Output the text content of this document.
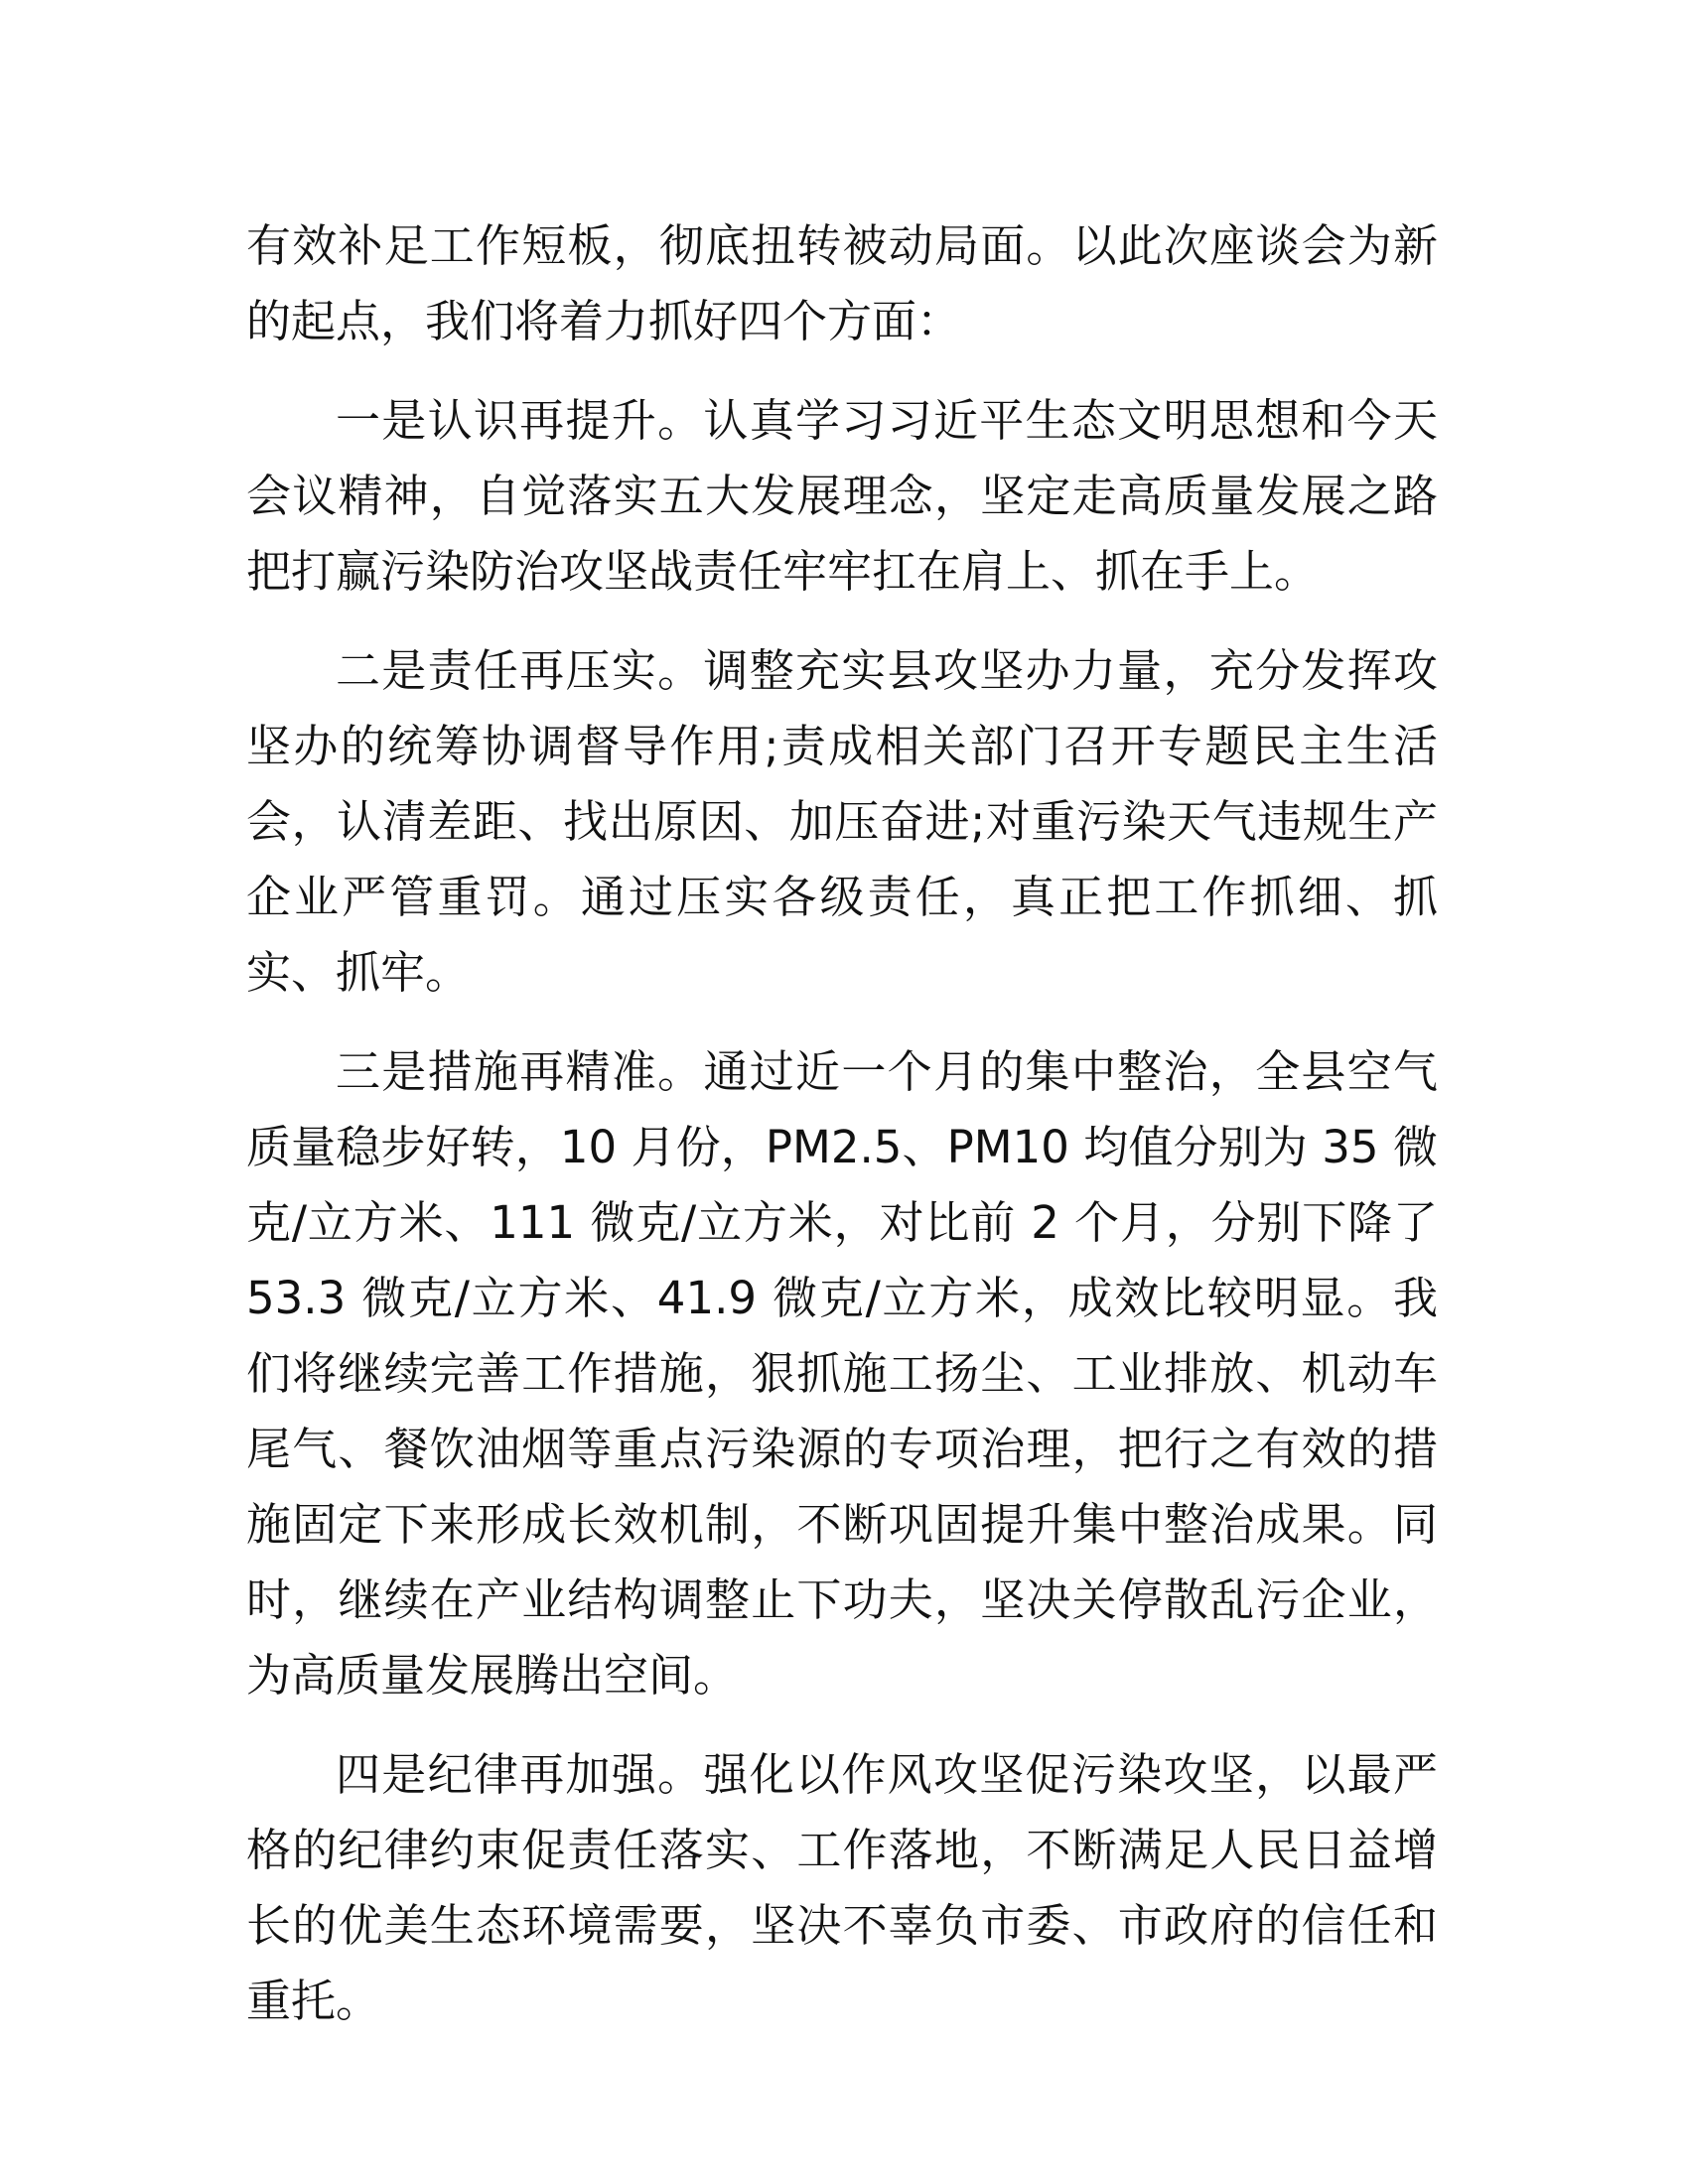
有效补足工作短板，彻底扭转被动局面。以此次座谈会为新的起点，我们将着力抓好四个方面：

一是认识再提升。认真学习习近平生态文明思想和今天会议精神，自觉落实五大发展理念，坚定走高质量发展之路把打赢污染防治攻坚战责任牢牢扛在肩上、抓在手上。

二是责任再压实。调整充实县攻坚办力量，充分发挥攻坚办的统筹协调督导作用;责成相关部门召开专题民主生活会，认清差距、找出原因、加压奋进;对重污染天气违规生产企业严管重罚。通过压实各级责任，真正把工作抓细、抓实、抓牢。

三是措施再精准。通过近一个月的集中整治，全县空气质量稳步好转，10 月份，PM2.5、PM10 均值分别为 35 微克/立方米、111 微克/立方米，对比前 2 个月，分别下降了 53.3 微克/立方米、41.9 微克/立方米，成效比较明显。我们将继续完善工作措施，狠抓施工扬尘、工业排放、机动车尾气、餐饮油烟等重点污染源的专项治理，把行之有效的措施固定下来形成长效机制，不断巩固提升集中整治成果。同时，继续在产业结构调整止下功夫，坚决关停散乱污企业，为高质量发展腾出空间。

四是纪律再加强。强化以作风攻坚促污染攻坚，以最严格的纪律约束促责任落实、工作落地，不断满足人民日益增长的优美生态环境需要，坚决不辜负市委、市政府的信任和重托。
